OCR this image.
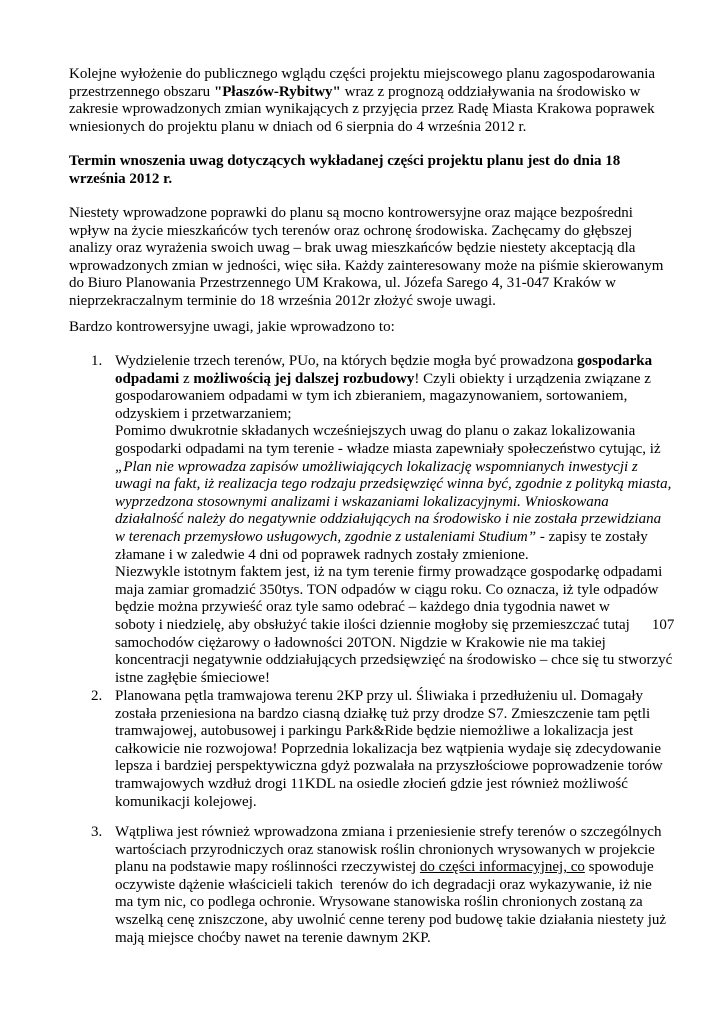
Kolejne wyłożenie do publicznego wglądu części projektu miejscowego planu zagospodarowania
przestrzennego obszaru "Płaszów-Rybitwy" wraz z prognozą oddziaływania na środowisko w
zakresie wprowadzonych zmian wynikających z przyjęcia przez Radę Miasta Krakowa poprawek
wniesionych do projektu planu w dniach od 6 sierpnia do 4 września 2012 r.
Termin wnoszenia uwag dotyczących wykładanej części projektu planu jest do dnia 18
września 2012 r.
Niestety wprowadzone poprawki do planu są mocno kontrowersyjne oraz mające bezpośredni
wpływ na życie mieszkańców tych terenów oraz ochronę środowiska. Zachęcamy do głębszej
analizy oraz wyrażenia swoich uwag – brak uwag mieszkańców będzie niestety akceptacją dla
wprowadzonych zmian w jedności, więc siła. Każdy zainteresowany może na piśmie skierowanym
do Biuro Planowania Przestrzennego UM Krakowa, ul. Józefa Sarego 4, 31-047 Kraków w
nieprzekraczalnym terminie do 18 września 2012r złożyć swoje uwagi.
Bardzo kontrowersyjne uwagi, jakie wprowadzono to:
1. Wydzielenie trzech terenów, PUo, na których będzie mogła być prowadzona gospodarka
odpadami z możliwością jej dalszej rozbudowy! Czyli obiekty i urządzenia związane z
gospodarowaniem odpadami w tym ich zbieraniem, magazynowaniem, sortowaniem,
odzyskiem i przetwarzaniem;
Pomimo dwukrotnie składanych wcześniejszych uwag do planu o zakaz lokalizowania
gospodarki odpadami na tym terenie - władze miasta zapewniały społeczeństwo cytując, iż
„Plan nie wprowadza zapisów umożliwiających lokalizację wspomnianych inwestycji z
uwagi na fakt, iż realizacja tego rodzaju przedsięwzięć winna być, zgodnie z polityką miasta,
wyprzedzona stosownymi analizami i wskazaniami lokalizacyjnymi. Wnioskowana
działalność należy do negatywnie oddziałujących na środowisko i nie została przewidziana
w terenach przemysłowo usługowych, zgodnie z ustaleniami Studium” - zapisy te zostały
złamane i w zaledwie 4 dni od poprawek radnych zostały zmienione.
Niezwykle istotnym faktem jest, iż na tym terenie firmy prowadzące gospodarkę odpadami
maja zamiar gromadzić 350tys. TON odpadów w ciągu roku. Co oznacza, iż tyle odpadów
będzie można przywieść oraz tyle samo odebrać – każdego dnia tygodnia nawet w
soboty i niedzielę, aby obsłużyć takie ilości dziennie mogłoby się przemieszczać tutaj 107
samochodów ciężarowy o ładowności 20TON. Nigdzie w Krakowie nie ma takiej
koncentracji negatywnie oddziałujących przedsięwzięć na środowisko – chce się tu stworzyć
istne zagłębie śmieciowe!
2. Planowana pętla tramwajowa terenu 2KP przy ul. Śliwiaka i przedłużeniu ul. Domagały
została przeniesiona na bardzo ciasną działkę tuż przy drodze S7. Zmieszczenie tam pętli
tramwajowej, autobusowej i parkingu Park&Ride będzie niemożliwe a lokalizacja jest
całkowicie nie rozwojowa! Poprzednia lokalizacja bez wątpienia wydaje się zdecydowanie
lepsza i bardziej perspektywiczna gdyż pozwalała na przyszłościowe poprowadzenie torów
tramwajowych wzdłuż drogi 11KDL na osiedle złocień gdzie jest również możliwość
komunikacji kolejowej.
3. Wątpliwa jest również wprowadzona zmiana i przeniesienie strefy terenów o szczególnych
wartościach przyrodniczych oraz stanowisk roślin chronionych wrysowanych w projekcie
planu na podstawie mapy roślinności rzeczywistej do części informacyjnej, co spowoduje
oczywiste dążenie właścicieli takich  terenów do ich degradacji oraz wykazywanie, iż nie
ma tym nic, co podlega ochronie. Wrysowane stanowiska roślin chronionych zostaną za
wszelką cenę zniszczone, aby uwolnić cenne tereny pod budowę takie działania niestety już
mają miejsce choćby nawet na terenie dawnym 2KP.
